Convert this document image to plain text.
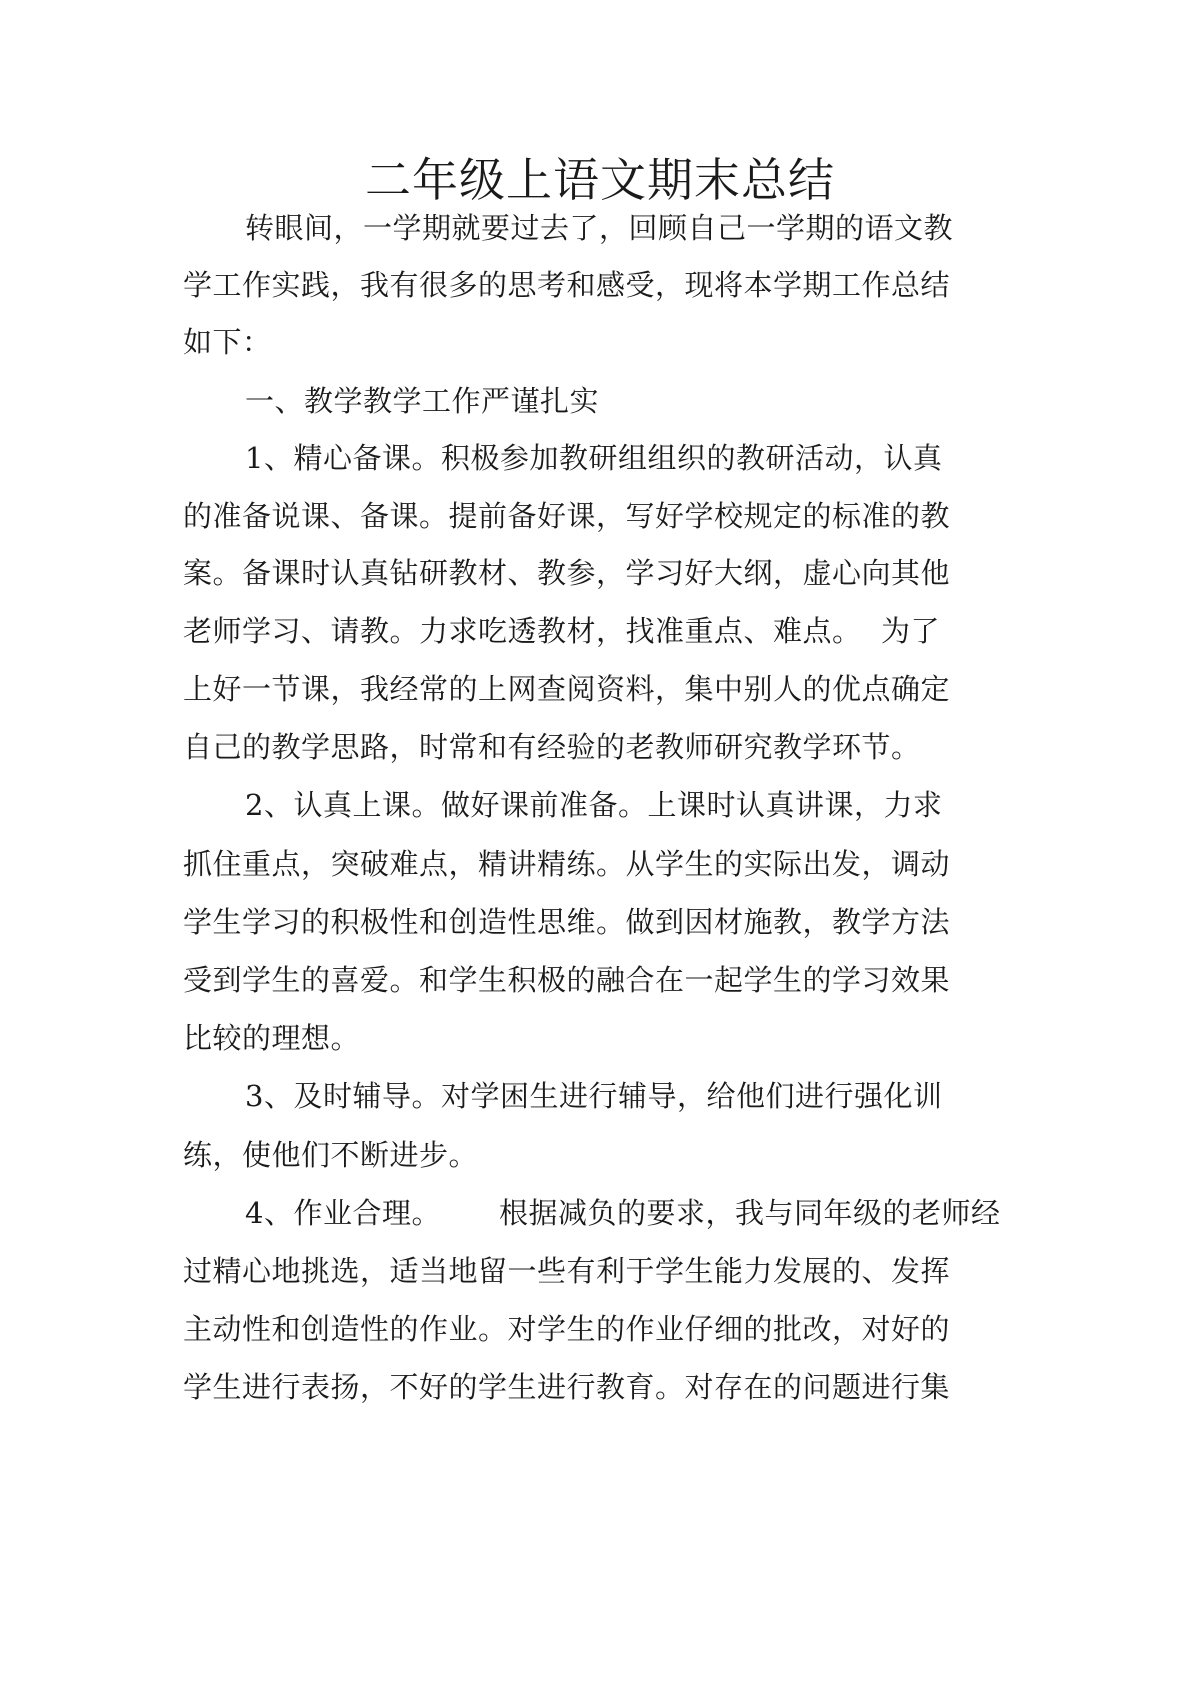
二年级上语文期末总结
转眼间，一学期就要过去了，回顾自己一学期的语文教
学工作实践，我有很多的思考和感受，现将本学期工作总结
如下：
一、教学教学工作严谨扎实
1、精心备课。积极参加教研组组织的教研活动，认真
的准备说课、备课。提前备好课，写好学校规定的标准的教
案。备课时认真钻研教材、教参，学习好大纲，虚心向其他
老师学习、请教。力求吃透教材，找准重点、难点。 为了
上好一节课，我经常的上网查阅资料，集中别人的优点确定
自己的教学思路，时常和有经验的老教师研究教学环节。
2、认真上课。做好课前准备。上课时认真讲课，力求
抓住重点，突破难点，精讲精练。从学生的实际出发，调动
学生学习的积极性和创造性思维。做到因材施教，教学方法
受到学生的喜爱。和学生积极的融合在一起学生的学习效果
比较的理想。
3、及时辅导。对学困生进行辅导，给他们进行强化训
练，使他们不断进步。
4、作业合理。 根据减负的要求，我与同年级的老师经
过精心地挑选，适当地留一些有利于学生能力发展的、发挥
主动性和创造性的作业。对学生的作业仔细的批改，对好的
学生进行表扬，不好的学生进行教育。对存在的问题进行集
